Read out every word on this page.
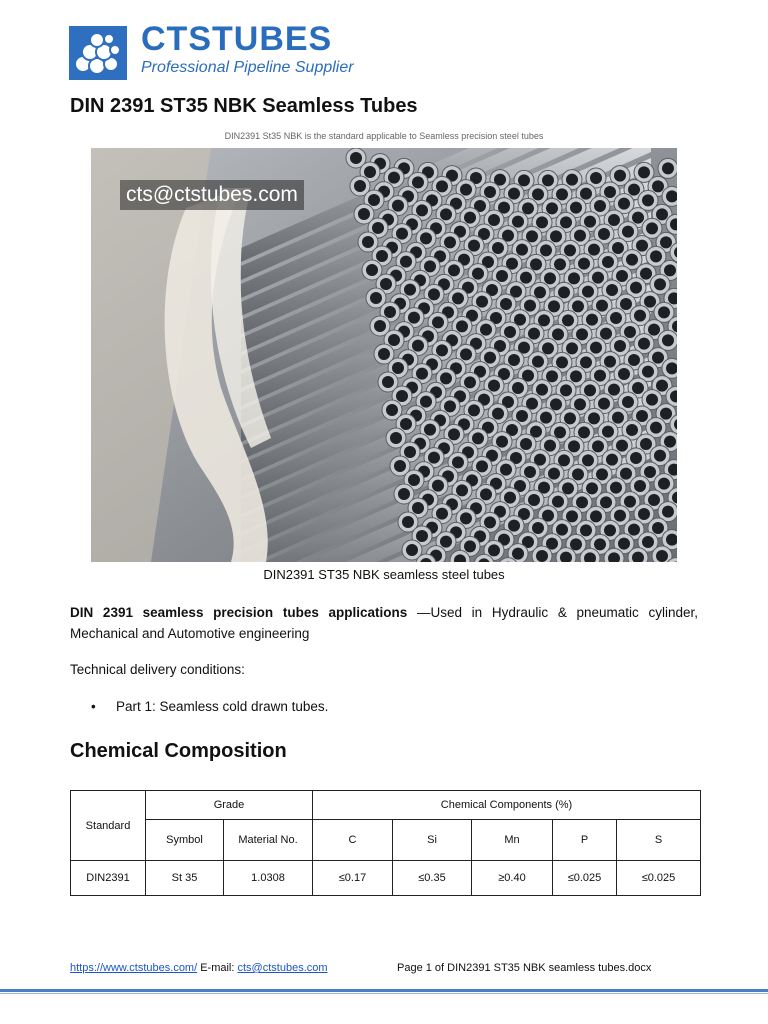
CTSTUBES
Professional Pipeline Supplier
DIN 2391 ST35 NBK Seamless Tubes
DIN2391 St35 NBK is the standard applicable to Seamless precision steel tubes
cts@ctstubes.com
DIN2391 ST35 NBK seamless steel tubes

DIN 2391 seamless precision tubes applications —Used in Hydraulic & pneumatic cylinder, Mechanical and Automotive engineering

Technical delivery conditions:

• Part 1: Seamless cold drawn tubes.
Chemical Composition
Standard	Grade		Chemical Components (%)				
	Symbol	Material No.	C	Si	Mn	P	S
DIN2391	St 35	1.0308	≤0.17	≤0.35	≥0.40	≤0.025	≤0.025
https://www.ctstubes.com/ E-mail: cts@ctstubes.com	Page 1 of DIN2391 ST35 NBK seamless tubes.docx
